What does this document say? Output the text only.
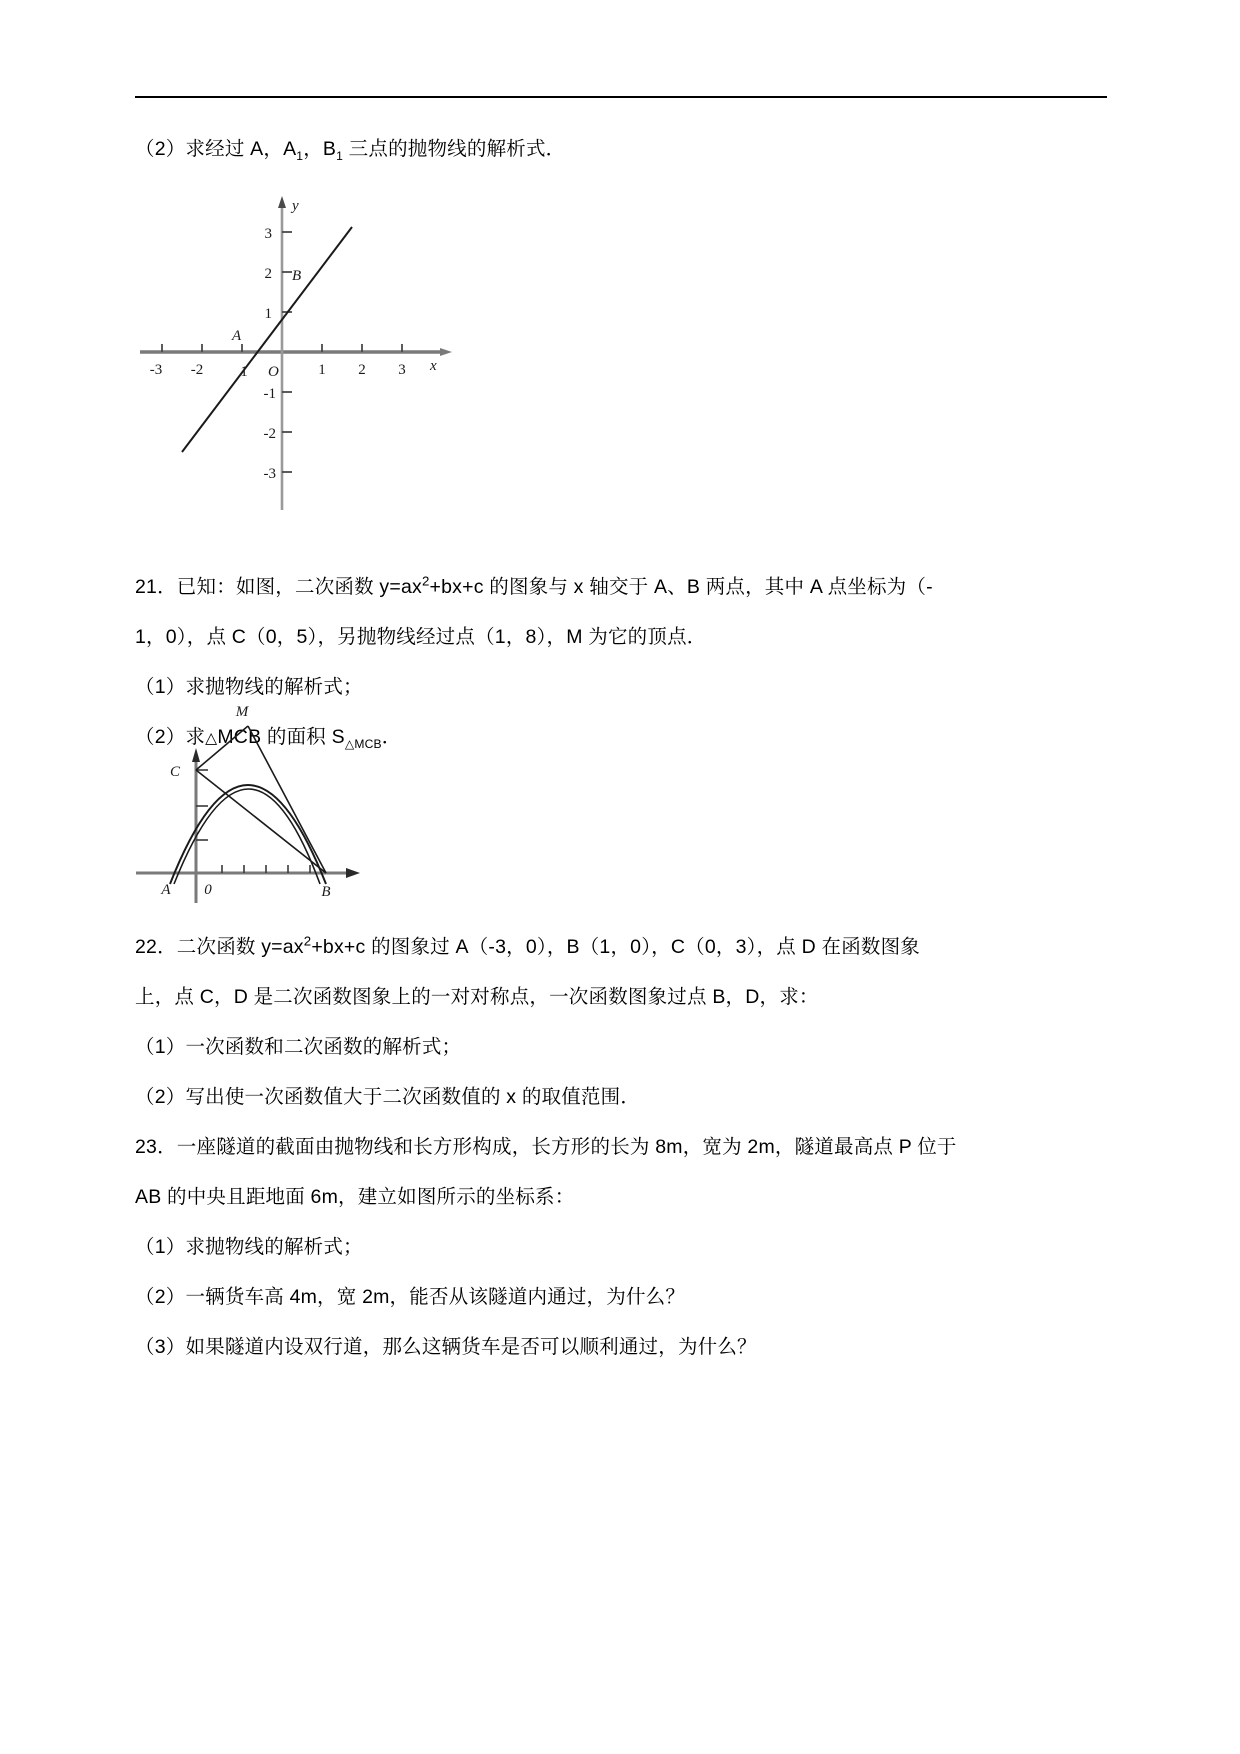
（2）求经过 A，$A_1$，$B_1$ 三点的抛物线的解析式．
-3 -2 1	1 2 3
3
2
1
-1
-2
-3
y
x
O
A
B
21．已知：如图，二次函数 $y=ax^2+bx+c$ 的图象与 x 轴交于 A、B 两点，其中 A 点坐标为（-
1，0），点 C（0，5），另抛物线经过点（1，8），M 为它的顶点．
（1）求抛物线的解析式；
（2）求△MCB 的面积 $S_{\triangle MCB}$．
M
C
A	B
0
22．二次函数 $y=ax^2+bx+c$ 的图象过 A（-3，0），B（1，0），C（0，3），点 D 在函数图象
上，点 C，D 是二次函数图象上的一对对称点，一次函数图象过点 B，D，求：
（1）一次函数和二次函数的解析式；
（2）写出使一次函数值大于二次函数值的 x 的取值范围．
23．一座隧道的截面由抛物线和长方形构成，长方形的长为 8m，宽为 2m，隧道最高点 P 位于
AB 的中央且距地面 6m，建立如图所示的坐标系：
（1）求抛物线的解析式；
（2）一辆货车高 4m，宽 2m，能否从该隧道内通过，为什么？
（3）如果隧道内设双行道，那么这辆货车是否可以顺利通过，为什么？
